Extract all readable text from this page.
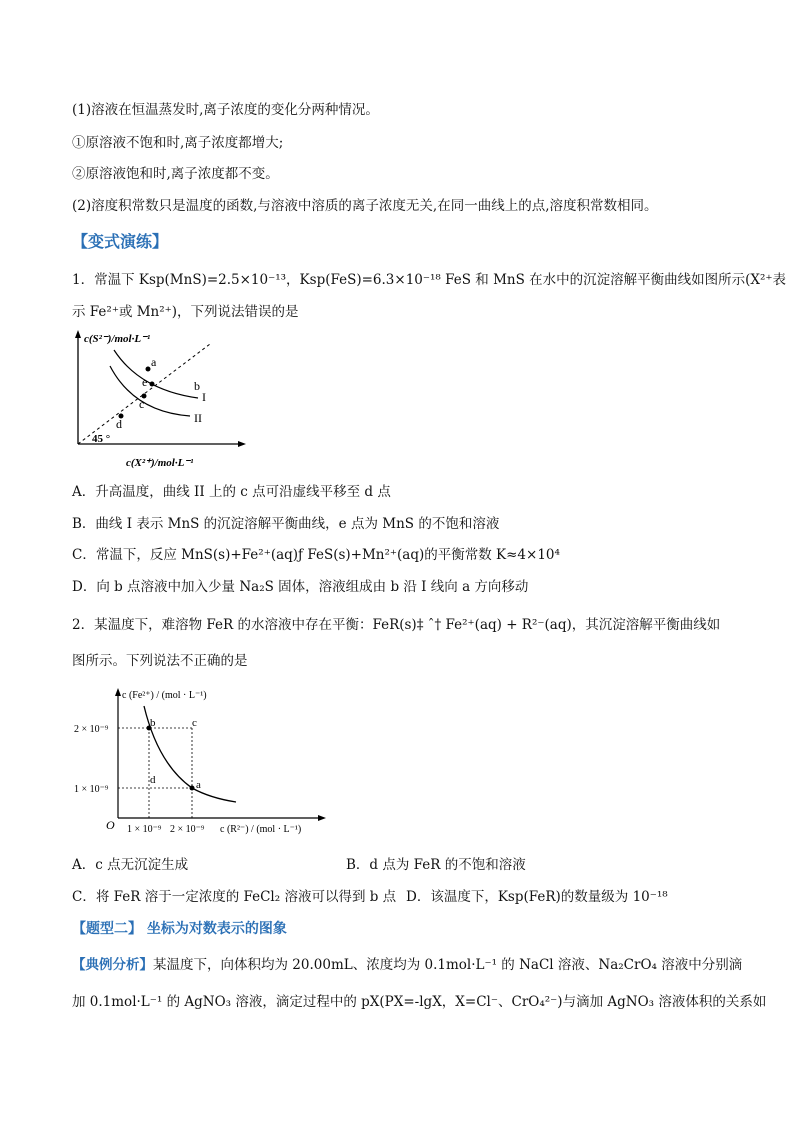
(1)溶液在恒温蒸发时,离子浓度的变化分两种情况。
①原溶液不饱和时,离子浓度都增大;
②原溶液饱和时,离子浓度都不变。
(2)溶度积常数只是温度的函数,与溶液中溶质的离子浓度无关,在同一曲线上的点,溶度积常数相同。
【变式演练】
1．常温下 Ksp(MnS)=2.5×10⁻¹³，Ksp(FeS)=6.3×10⁻¹⁸ FeS 和 MnS 在水中的沉淀溶解平衡曲线如图所示(X²⁺表
示 Fe²⁺或 Mn²⁺)，下列说法错误的是
a
b
e
c
d
I
II
45 °
c(S²⁻)/mol·L⁻¹
c(X²⁺)/mol·L⁻¹
A．升高温度，曲线 II 上的 c 点可沿虚线平移至 d 点
B．曲线 I 表示 MnS 的沉淀溶解平衡曲线，e 点为 MnS 的不饱和溶液
C．常温下，反应 MnS(s)+Fe²⁺(aq)ƒ FeS(s)+Mn²⁺(aq)的平衡常数 K≈4×10⁴
D．向 b 点溶液中加入少量 Na₂S 固体，溶液组成由 b 沿 I 线向 a 方向移动
2．某温度下，难溶物 FeR 的水溶液中存在平衡：FeR(s)‡ ˆ† Fe²⁺(aq) + R²⁻(aq)，其沉淀溶解平衡曲线如
图所示。下列说法不正确的是
b	c
d	a
2 × 10⁻⁹
1 × 10⁻⁹
1 × 10⁻⁹ 2 × 10⁻⁹
O
c (Fe²⁺) / (mol · L⁻¹)
c (R²⁻) / (mol · L⁻¹)
A．c 点无沉淀生成	B．d 点为 FeR 的不饱和溶液
C．将 FeR 溶于一定浓度的 FeCl₂ 溶液可以得到 b 点 D．该温度下，Ksp(FeR)的数量级为 10⁻¹⁸
【题型二】 坐标为对数表示的图象
【典例分析】某温度下，向体积均为 20.00mL、浓度均为 0.1mol·L⁻¹ 的 NaCl 溶液、Na₂CrO₄ 溶液中分别滴
加 0.1mol·L⁻¹ 的 AgNO₃ 溶液，滴定过程中的 pX(PX=-lgX，X=Cl⁻、CrO₄²⁻)与滴加 AgNO₃ 溶液体积的关系如
